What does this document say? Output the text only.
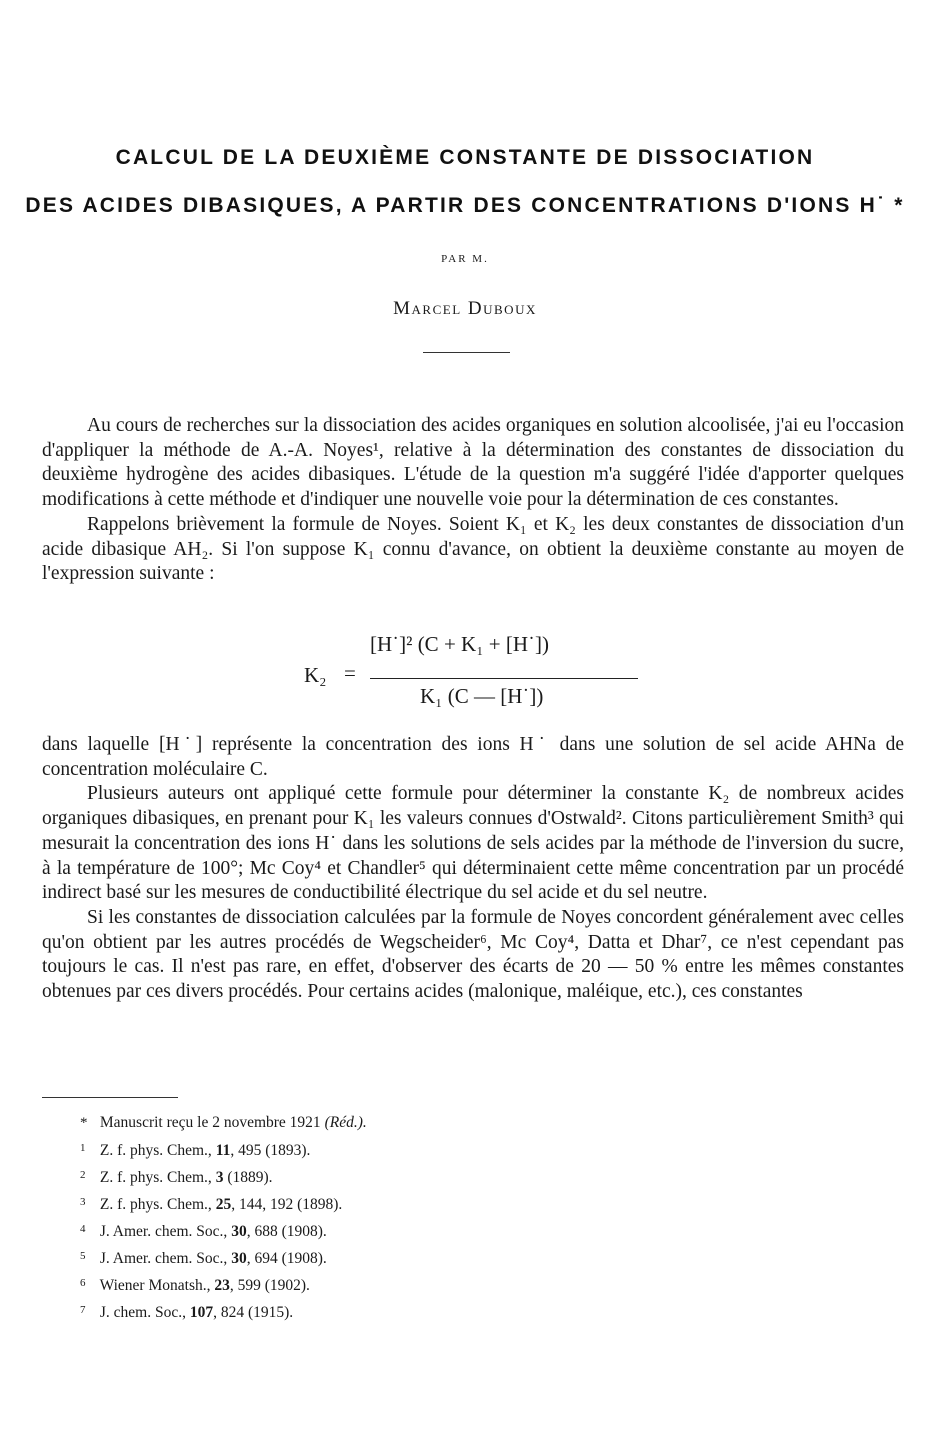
CALCUL DE LA DEUXIÈME CONSTANTE DE DISSOCIATION
DES ACIDES DIBASIQUES, A PARTIR DES CONCENTRATIONS D'IONS H˙ *
PAR M.
Marcel Duboux

Au cours de recherches sur la dissociation des acides organiques en solution alcoolisée, j'ai eu l'occasion d'appliquer la méthode de A.-A. Noyes¹, relative à la détermination des constantes de dissociation du deuxième hydrogène des acides dibasiques. L'étude de la question m'a suggéré l'idée d'apporter quelques modifications à cette méthode et d'indiquer une nouvelle voie pour la détermination de ces constantes.

Rappelons brièvement la formule de Noyes. Soient K₁ et K₂ les deux constantes de dissociation d'un acide dibasique AH₂. Si l'on suppose K₁ connu d'avance, on obtient la deuxième constante au moyen de l'expression suivante :

K₂ =
[H˙]² (C + K₁ + [H˙])
K₁ (C — [H˙])

dans laquelle [H˙] représente la concentration des ions H˙ dans une solution de sel acide AHNa de concentration moléculaire C.

Plusieurs auteurs ont appliqué cette formule pour déterminer la constante K₂ de nombreux acides organiques dibasiques, en prenant pour K₁ les valeurs connues d'Ostwald². Citons particulièrement Smith³ qui mesurait la concentration des ions H˙ dans les solutions de sels acides par la méthode de l'inversion du sucre, à la température de 100°; Mc Coy⁴ et Chandler⁵ qui déterminaient cette même concentration par un procédé indirect basé sur les mesures de conductibilité électrique du sel acide et du sel neutre.

Si les constantes de dissociation calculées par la formule de Noyes concordent généralement avec celles qu'on obtient par les autres procédés de Wegscheider⁶, Mc Coy⁴, Datta et Dhar⁷, ce n'est cependant pas toujours le cas. Il n'est pas rare, en effet, d'observer des écarts de 20 — 50 % entre les mêmes constantes obtenues par ces divers procédés. Pour certains acides (malonique, maléique, etc.), ces constantes

* Manuscrit reçu le 2 novembre 1921 (Réd.).
1 Z. f. phys. Chem., 11, 495 (1893).
2 Z. f. phys. Chem., 3 (1889).
3 Z. f. phys. Chem., 25, 144, 192 (1898).
4 J. Amer. chem. Soc., 30, 688 (1908).
5 J. Amer. chem. Soc., 30, 694 (1908).
6 Wiener Monatsh., 23, 599 (1902).
7 J. chem. Soc., 107, 824 (1915).
